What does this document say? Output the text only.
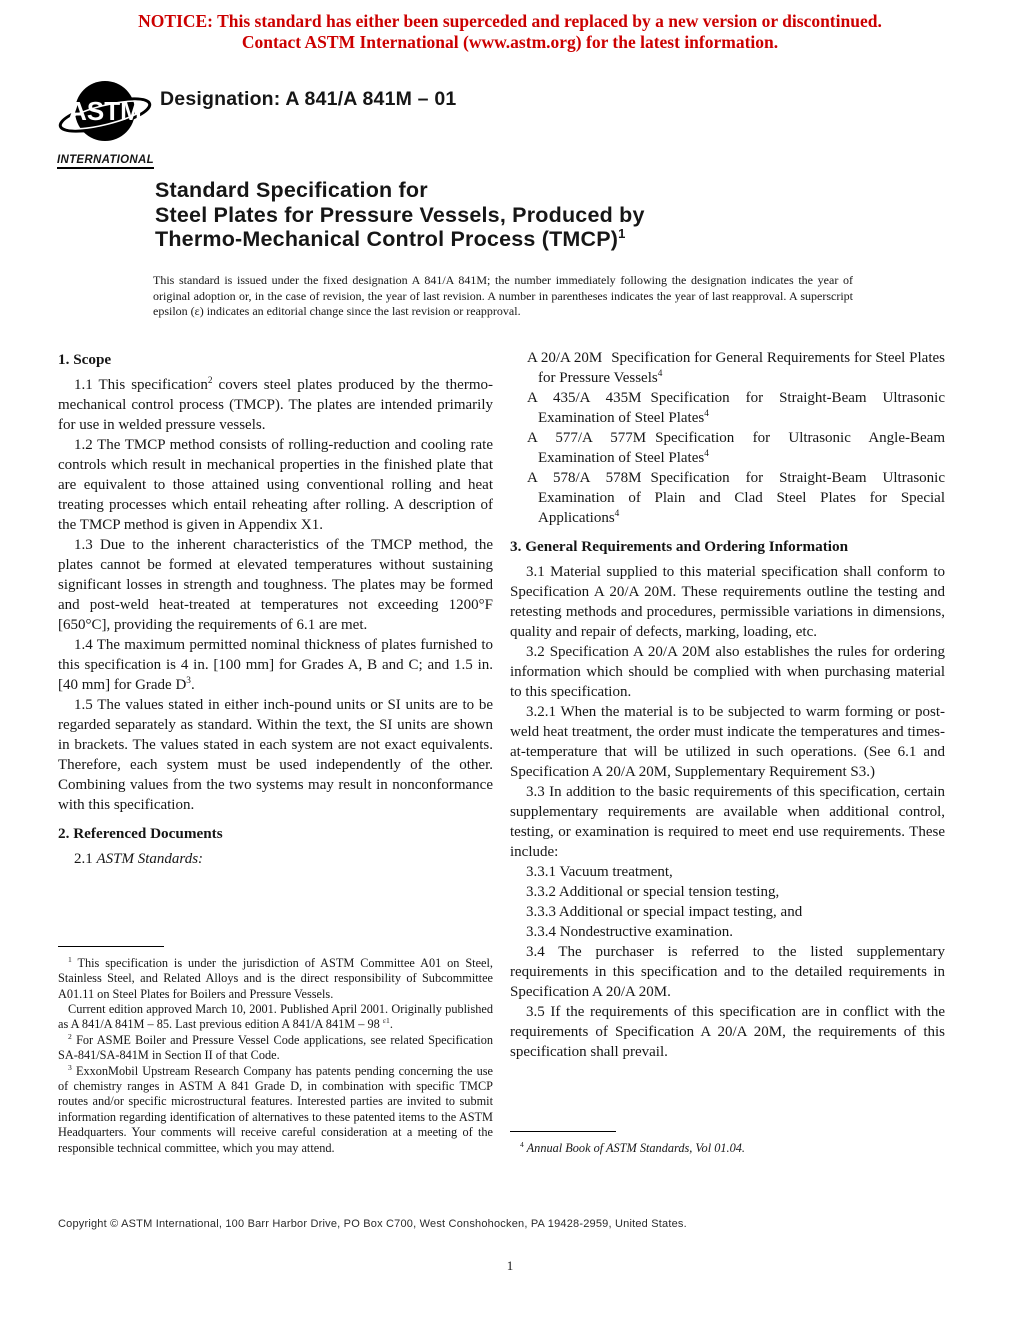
NOTICE: This standard has either been superceded and replaced by a new version or discontinued.
Contact ASTM International (www.astm.org) for the latest information.
ASTM
INTERNATIONAL
Designation: A 841/A 841M – 01
Standard Specification for
Steel Plates for Pressure Vessels, Produced by
Thermo-Mechanical Control Process (TMCP)$^1$
This standard is issued under the fixed designation A 841/A 841M; the number immediately following the designation indicates the year of original adoption or, in the case of revision, the year of last revision. A number in parentheses indicates the year of last reapproval. A superscript epsilon (ε) indicates an editorial change since the last revision or reapproval.
1. Scope

1.1 This specification$^2$ covers steel plates produced by the thermo-mechanical control process (TMCP). The plates are intended primarily for use in welded pressure vessels.

1.2 The TMCP method consists of rolling-reduction and cooling rate controls which result in mechanical properties in the finished plate that are equivalent to those attained using conventional rolling and heat treating processes which entail reheating after rolling. A description of the TMCP method is given in Appendix X1.

1.3 Due to the inherent characteristics of the TMCP method, the plates cannot be formed at elevated temperatures without sustaining significant losses in strength and toughness. The plates may be formed and post-weld heat-treated at temperatures not exceeding 1200°F [650°C], providing the requirements of 6.1 are met.

1.4 The maximum permitted nominal thickness of plates furnished to this specification is 4 in. [100 mm] for Grades A, B and C; and 1.5 in. [40 mm] for Grade $D^3$.

1.5 The values stated in either inch-pound units or SI units are to be regarded separately as standard. Within the text, the SI units are shown in brackets. The values stated in each system are not exact equivalents. Therefore, each system must be used independently of the other. Combining values from the two systems may result in nonconformance with this specification.

2. Referenced Documents

2.1 ASTM Standards:

$^1$ This specification is under the jurisdiction of ASTM Committee A01 on Steel, Stainless Steel, and Related Alloys and is the direct responsibility of Subcommittee A01.11 on Steel Plates for Boilers and Pressure Vessels.

Current edition approved March 10, 2001. Published April 2001. Originally published as A 841/A 841M – 85. Last previous edition A 841/A 841M – 98 $^{\varepsilon 1}$.

$^2$ For ASME Boiler and Pressure Vessel Code applications, see related Specification SA-841/SA-841M in Section II of that Code.

$^3$ ExxonMobil Upstream Research Company has patents pending concerning the use of chemistry ranges in ASTM A 841 Grade D, in combination with specific TMCP routes and/or specific microstructural features. Interested parties are invited to submit information regarding identification of alternatives to these patented items to the ASTM Headquarters. Your comments will receive careful consideration at a meeting of the responsible technical committee, which you may attend.

A 20/A 20M Specification for General Requirements for Steel Plates for Pressure Vessels$^4$

A 435/A 435M Specification for Straight-Beam Ultrasonic Examination of Steel Plates$^4$

A 577/A 577M Specification for Ultrasonic Angle-Beam Examination of Steel Plates$^4$

A 578/A 578M Specification for Straight-Beam Ultrasonic Examination of Plain and Clad Steel Plates for Special Applications$^4$

3. General Requirements and Ordering Information

3.1 Material supplied to this material specification shall conform to Specification A 20/A 20M. These requirements outline the testing and retesting methods and procedures, permissible variations in dimensions, quality and repair of defects, marking, loading, etc.

3.2 Specification A 20/A 20M also establishes the rules for ordering information which should be complied with when purchasing material to this specification.

3.2.1 When the material is to be subjected to warm forming or post-weld heat treatment, the order must indicate the temperatures and times-at-temperature that will be utilized in such operations. (See 6.1 and Specification A 20/A 20M, Supplementary Requirement S3.)

3.3 In addition to the basic requirements of this specification, certain supplementary requirements are available when additional control, testing, or examination is required to meet end use requirements. These include:

3.3.1 Vacuum treatment,

3.3.2 Additional or special tension testing,

3.3.3 Additional or special impact testing, and

3.3.4 Nondestructive examination.

3.4 The purchaser is referred to the listed supplementary requirements in this specification and to the detailed requirements in Specification A 20/A 20M.

3.5 If the requirements of this specification are in conflict with the requirements of Specification A 20/A 20M, the requirements of this specification shall prevail.

$^4$ Annual Book of ASTM Standards, Vol 01.04.

Copyright © ASTM International, 100 Barr Harbor Drive, PO Box C700, West Conshohocken, PA 19428-2959, United States.
1
